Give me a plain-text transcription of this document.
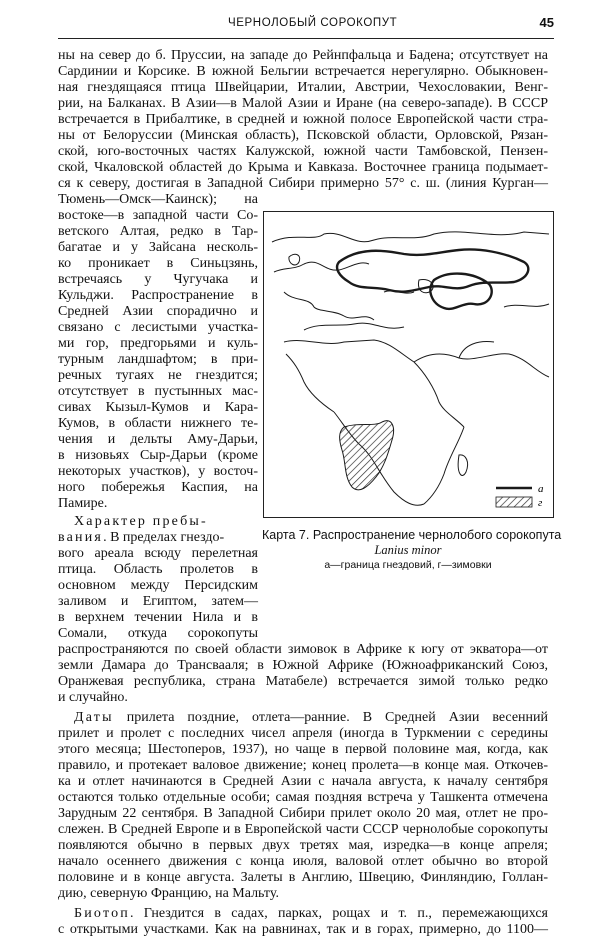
ЧЕРНОЛОБЫЙ СОРОКОПУТ	45
ны на север до б. Пруссии, на западе до Рейнпфальца и Бадена; отсутствует на
Сардинии и Корсике. В южной Бельгии встречается нерегулярно. Обыкновен-
ная гнездящаяся птица Швейцарии, Италии, Австрии, Чехословакии, Венг-
рии, на Балканах. В Азии—в Малой Азии и Иране (на северо-западе). В СССР
встречается в Прибалтике, в средней и южной полосе Европейской части стра-
ны от Белоруссии (Минская область), Псковской области, Орловской, Рязан-
ской, юго-восточных частях Калужской, южной части Тамбовской, Пензен-
ской, Чкаловской областей до Крыма и Кавказа. Восточнее граница подымает-
ся к северу, достигая в Западной Сибири примерно 57° с. ш. (линия Курган—
Тюмень—Омск—Каинск); на
востоке—в западной части Со-
ветского Алтая, редко в Тар-
багатае и у Зайсана несколь-
ко проникает в Синьцзянь,
встречаясь у Чугучака и
Кульджи. Распространение в
Средней Азии спорадично и
связано с лесистыми участка-
ми гор, предгорьями и куль-
турным ландшафтом; в при-
речных тугаях не гнездится;
отсутствует в пустынных мас-
сивах Кызыл-Кумов и Кара-
Кумов, в области нижнего те-
чения и дельты Аму-Дарьи,
в низовьях Сыр-Дарьи (кроме
некоторых участков), у восточ-
ного побережья Каспия, на
Памире.
Характер пребы-
вания. В пределах гнездо-
вого ареала всюду перелетная
птица. Область пролетов в
основном между Персидским
заливом и Египтом, затем—
в верхнем течении Нила и в
Сомали, откуда сорокопуты
распространяются по своей области зимовок в Африке к югу от экватора—от
земли Дамара до Трансвааля; в Южной Африке (Южноафриканский Союз,
Оранжевая республика, страна Матабеле) встречается зимой только редко
и случайно.
Даты прилета поздние, отлета—ранние. В Средней Азии весенний
прилет и пролет с последних чисел апреля (иногда в Туркмении с середины
этого месяца; Шестоперов, 1937), но чаще в первой половине мая, когда, как
правило, и протекает валовое движение; конец пролета—в конце мая. Откочев-
ка и отлет начинаются в Средней Азии с начала августа, к началу сентября
остаются только отдельные особи; самая поздняя встреча у Ташкента отмечена
Зарудным 22 сентября. В Западной Сибири прилет около 20 мая, отлет не про-
слежен. В Средней Европе и в Европейской части СССР чернолобые сорокопуты
появляются обычно в первых двух третях мая, изредка—в конце апреля;
начало осеннего движения с конца июля, валовой отлет обычно во второй
половине и в конце августа. Залеты в Англию, Швецию, Финляндию, Голлан-
дию, северную Францию, на Мальту.
Биотоп. Гнездится в садах, парках, рощах и т. п., перемежающихся
с открытыми участками. Как на равнинах, так и в горах, примерно, до 1100—
а
г
Карта 7. Распространение чернолобого сорокопута
Lanius minor
а—граница гнездовий, г—зимовки
